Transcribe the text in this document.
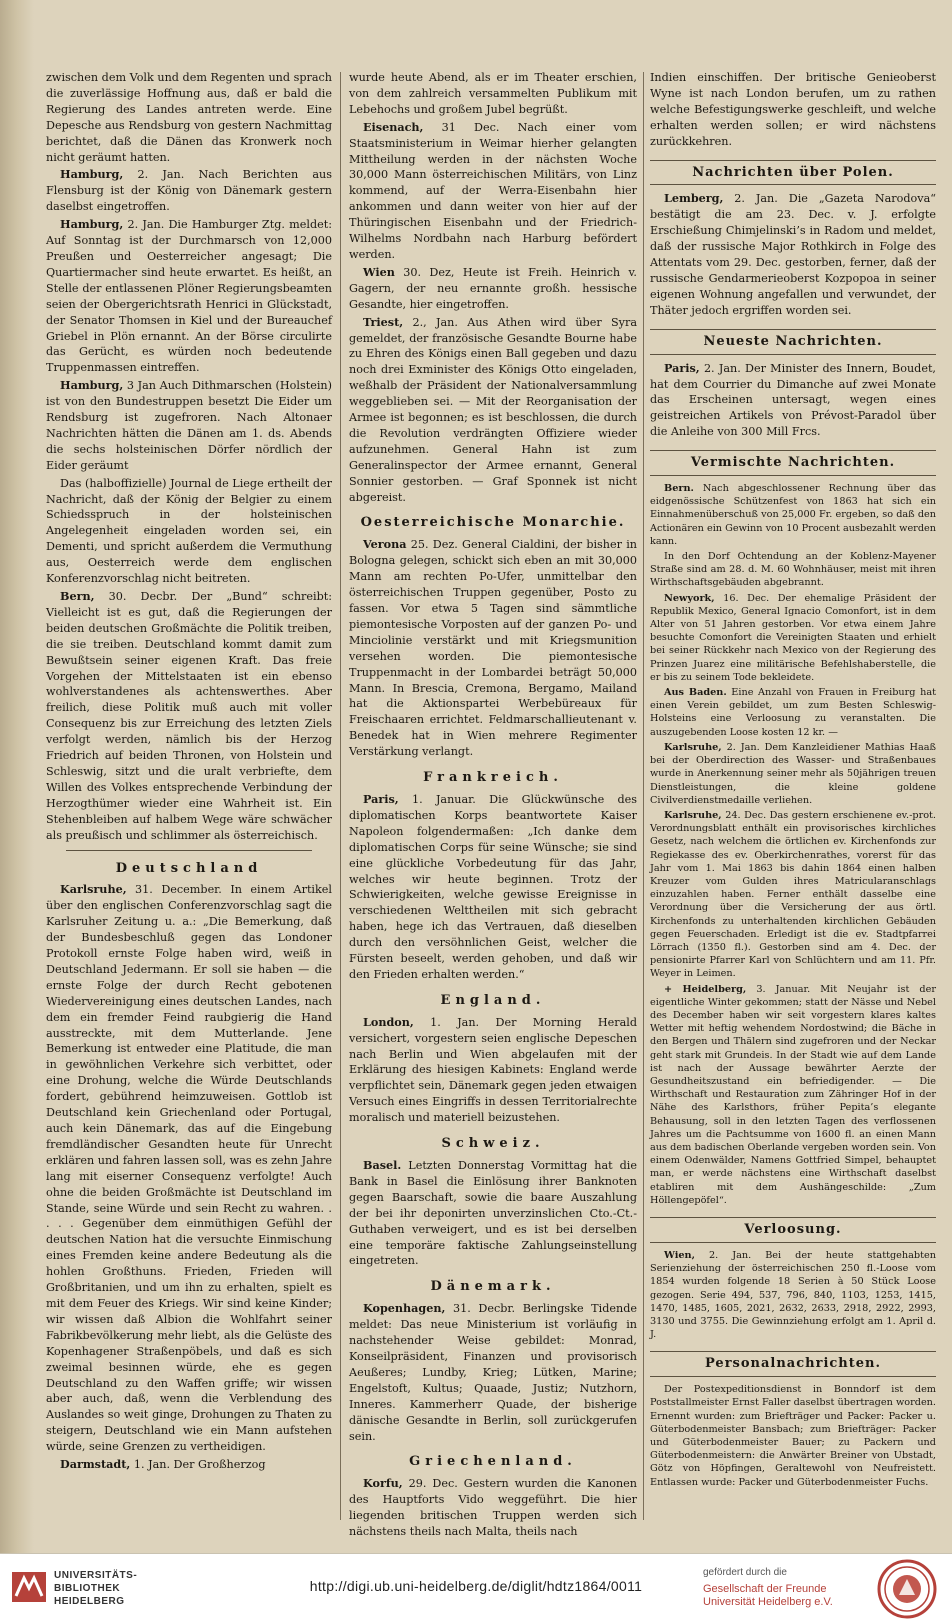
zwischen dem Volk und dem Regenten und sprach die zuverlässige Hoffnung aus, daß er bald die Regierung des Landes antreten werde. Eine Depesche aus Rendsburg von gestern Nachmittag berichtet, daß die Dänen das Kronwerk noch nicht geräumt hatten.

Hamburg, 2. Jan. Nach Berichten aus Flensburg ist der König von Dänemark gestern daselbst eingetroffen.

Hamburg, 2. Jan. Die Hamburger Ztg. meldet: Auf Sonntag ist der Durchmarsch von 12,000 Preußen und Oesterreicher angesagt; Die Quartiermacher sind heute erwartet. Es heißt, an Stelle der entlassenen Plöner Regierungsbeamten seien der Obergerichtsrath Henrici in Glückstadt, der Senator Thomsen in Kiel und der Bureauchef Griebel in Plön ernannt. An der Börse circulirte das Gerücht, es würden noch bedeutende Truppenmassen eintreffen.

Hamburg, 3 Jan Auch Dithmarschen (Holstein) ist von den Bundestruppen besetzt Die Eider um Rendsburg ist zugefroren. Nach Altonaer Nachrichten hätten die Dänen am 1. ds. Abends die sechs holsteinischen Dörfer nördlich der Eider geräumt

Das (halboffizielle) Journal de Liege ertheilt der Nachricht, daß der König der Belgier zu einem Schiedsspruch in der holsteinischen Angelegenheit eingeladen worden sei, ein Dementi, und spricht außerdem die Vermuthung aus, Oesterreich werde dem englischen Konferenzvorschlag nicht beitreten.

Bern, 30. Decbr. Der „Bund“ schreibt: Vielleicht ist es gut, daß die Regierungen der beiden deutschen Großmächte die Politik treiben, die sie treiben. Deutschland kommt damit zum Bewußtsein seiner eigenen Kraft. Das freie Vorgehen der Mittelstaaten ist ein ebenso wohlverstandenes als achtenswerthes. Aber freilich, diese Politik muß auch mit voller Consequenz bis zur Erreichung des letzten Ziels verfolgt werden, nämlich bis der Herzog Friedrich auf beiden Thronen, von Holstein und Schleswig, sitzt und die uralt verbriefte, dem Willen des Volkes entsprechende Verbindung der Herzogthümer wieder eine Wahrheit ist. Ein Stehenbleiben auf halbem Wege wäre schwächer als preußisch und schlimmer als österreichisch.

Deutschland

Karlsruhe, 31. December. In einem Artikel über den englischen Conferenzvorschlag sagt die Karlsruher Zeitung u. a.: „Die Bemerkung, daß der Bundesbeschluß gegen das Londoner Protokoll ernste Folge haben wird, weiß in Deutschland Jedermann. Er soll sie haben — die ernste Folge der durch Recht gebotenen Wiedervereinigung eines deutschen Landes, nach dem ein fremder Feind raubgierig die Hand ausstreckte, mit dem Mutterlande. Jene Bemerkung ist entweder eine Platitude, die man in gewöhnlichen Verkehre sich verbittet, oder eine Drohung, welche die Würde Deutschlands fordert, gebührend heimzuweisen. Gottlob ist Deutschland kein Griechenland oder Portugal, auch kein Dänemark, das auf die Eingebung fremdländischer Gesandten heute für Unrecht erklären und fahren lassen soll, was es zehn Jahre lang mit eiserner Consequenz verfolgte! Auch ohne die beiden Großmächte ist Deutschland im Stande, seine Würde und sein Recht zu wahren. . . . . Gegenüber dem einmüthigen Gefühl der deutschen Nation hat die versuchte Einmischung eines Fremden keine andere Bedeutung als die hohlen Großthuns. Frieden, Frieden will Großbritanien, und um ihn zu erhalten, spielt es mit dem Feuer des Kriegs. Wir sind keine Kinder; wir wissen daß Albion die Wohlfahrt seiner Fabrikbevölkerung mehr liebt, als die Gelüste des Kopenhagener Straßenpöbels, und daß es sich zweimal besinnen würde, ehe es gegen Deutschland zu den Waffen griffe; wir wissen aber auch, daß, wenn die Verblendung des Auslandes so weit ginge, Drohungen zu Thaten zu steigern, Deutschland wie ein Mann aufstehen würde, seine Grenzen zu vertheidigen.

Darmstadt, 1. Jan. Der Großherzog

wurde heute Abend, als er im Theater erschien, von dem zahlreich versammelten Publikum mit Lebehochs und großem Jubel begrüßt.

Eisenach, 31 Dec. Nach einer vom Staatsministerium in Weimar hierher gelangten Mittheilung werden in der nächsten Woche 30,000 Mann österreichischen Militärs, von Linz kommend, auf der Werra-Eisenbahn hier ankommen und dann weiter von hier auf der Thüringischen Eisenbahn und der Friedrich-Wilhelms Nordbahn nach Harburg befördert werden.

Wien 30. Dez, Heute ist Freih. Heinrich v. Gagern, der neu ernannte großh. hessische Gesandte, hier eingetroffen.

Triest, 2., Jan. Aus Athen wird über Syra gemeldet, der französische Gesandte Bourne habe zu Ehren des Königs einen Ball gegeben und dazu noch drei Exminister des Königs Otto eingeladen, weßhalb der Präsident der Nationalversammlung weggeblieben sei. — Mit der Reorganisation der Armee ist begonnen; es ist beschlossen, die durch die Revolution verdrängten Offiziere wieder aufzunehmen. General Hahn ist zum Generalinspector der Armee ernannt, General Sonnier gestorben. — Graf Sponnek ist nicht abgereist.

Oesterreichische Monarchie.

Verona 25. Dez. General Cialdini, der bisher in Bologna gelegen, schickt sich eben an mit 30,000 Mann am rechten Po-Ufer, unmittelbar den österreichischen Truppen gegenüber, Posto zu fassen. Vor etwa 5 Tagen sind sämmtliche piemontesische Vorposten auf der ganzen Po- und Minciolinie verstärkt und mit Kriegsmunition versehen worden. Die piemontesische Truppenmacht in der Lombardei beträgt 50,000 Mann. In Brescia, Cremona, Bergamo, Mailand hat die Aktionspartei Werbebüreaux für Freischaaren errichtet. Feldmarschallieutenant v. Benedek hat in Wien mehrere Regimenter Verstärkung verlangt.

Frankreich.

Paris, 1. Januar. Die Glückwünsche des diplomatischen Korps beantwortete Kaiser Napoleon folgendermaßen: „Ich danke dem diplomatischen Corps für seine Wünsche; sie sind eine glückliche Vorbedeutung für das Jahr, welches wir heute beginnen. Trotz der Schwierigkeiten, welche gewisse Ereignisse in verschiedenen Welttheilen mit sich gebracht haben, hege ich das Vertrauen, daß dieselben durch den versöhnlichen Geist, welcher die Fürsten beseelt, werden gehoben, und daß wir den Frieden erhalten werden.“

England.

London, 1. Jan. Der Morning Herald versichert, vorgestern seien englische Depeschen nach Berlin und Wien abgelaufen mit der Erklärung des hiesigen Kabinets: England werde verpflichtet sein, Dänemark gegen jeden etwaigen Versuch eines Eingriffs in dessen Territorialrechte moralisch und materiell beizustehen.

Schweiz.

Basel. Letzten Donnerstag Vormittag hat die Bank in Basel die Einlösung ihrer Banknoten gegen Baarschaft, sowie die baare Auszahlung der bei ihr deponirten unverzinslichen Cto.-Ct.-Guthaben verweigert, und es ist bei derselben eine temporäre faktische Zahlungseinstellung eingetreten.

Dänemark.

Kopenhagen, 31. Decbr. Berlingske Tidende meldet: Das neue Ministerium ist vorläufig in nachstehender Weise gebildet: Monrad, Konseilpräsident, Finanzen und provisorisch Aeußeres; Lundby, Krieg; Lütken, Marine; Engelstoft, Kultus; Quaade, Justiz; Nutzhorn, Inneres. Kammerherr Quade, der bisherige dänische Gesandte in Berlin, soll zurückgerufen sein.

Griechenland.

Korfu, 29. Dec. Gestern wurden die Kanonen des Hauptforts Vido weggeführt. Die hier liegenden britischen Truppen werden sich nächstens theils nach Malta, theils nach

Indien einschiffen. Der britische Genieoberst Wyne ist nach London berufen, um zu rathen welche Befestigungswerke geschleift, und welche erhalten werden sollen; er wird nächstens zurückkehren.

Nachrichten über Polen.

Lemberg, 2. Jan. Die „Gazeta Narodova“ bestätigt die am 23. Dec. v. J. erfolgte Erschießung Chimjelinski’s in Radom und meldet, daß der russische Major Rothkirch in Folge des Attentats vom 29. Dec. gestorben, ferner, daß der russische Gendarmerieoberst Kozpopoa in seiner eigenen Wohnung angefallen und verwundet, der Thäter jedoch ergriffen worden sei.

Neueste Nachrichten.

Paris, 2. Jan. Der Minister des Innern, Boudet, hat dem Courrier du Dimanche auf zwei Monate das Erscheinen untersagt, wegen eines geistreichen Artikels von Prévost-Paradol über die Anleihe von 300 Mill Frcs.

Vermischte Nachrichten.

Bern. Nach abgeschlossener Rechnung über das eidgenössische Schützenfest von 1863 hat sich ein Einnahmenüberschuß von 25,000 Fr. ergeben, so daß den Actionären ein Gewinn von 10 Procent ausbezahlt werden kann.

In den Dorf Ochtendung an der Koblenz-Mayener Straße sind am 28. d. M. 60 Wohnhäuser, meist mit ihren Wirthschaftsgebäuden abgebrannt.

Newyork, 16. Dec. Der ehemalige Präsident der Republik Mexico, General Ignacio Comonfort, ist in dem Alter von 51 Jahren gestorben. Vor etwa einem Jahre besuchte Comonfort die Vereinigten Staaten und erhielt bei seiner Rückkehr nach Mexico von der Regierung des Prinzen Juarez eine militärische Befehlshaberstelle, die er bis zu seinem Tode bekleidete.

Aus Baden. Eine Anzahl von Frauen in Freiburg hat einen Verein gebildet, um zum Besten Schleswig-Holsteins eine Verloosung zu veranstalten. Die auszugebenden Loose kosten 12 kr. —

Karlsruhe, 2. Jan. Dem Kanzleidiener Mathias Haaß bei der Oberdirection des Wasser- und Straßenbaues wurde in Anerkennung seiner mehr als 50jährigen treuen Dienstleistungen, die kleine goldene Civilverdienstmedaille verliehen.

Karlsruhe, 24. Dec. Das gestern erschienene ev.-prot. Verordnungsblatt enthält ein provisorisches kirchliches Gesetz, nach welchem die örtlichen ev. Kirchenfonds zur Regiekasse des ev. Oberkirchenrathes, vorerst für das Jahr vom 1. Mai 1863 bis dahin 1864 einen halben Kreuzer vom Gulden ihres Matricularanschlags einzuzahlen haben. Ferner enthält dasselbe eine Verordnung über die Versicherung der aus örtl. Kirchenfonds zu unterhaltenden kirchlichen Gebäuden gegen Feuerschaden. Erledigt ist die ev. Stadtpfarrei Lörrach (1350 fl.). Gestorben sind am 4. Dec. der pensionirte Pfarrer Karl von Schlüchtern und am 11. Pfr. Weyer in Leimen.

+ Heidelberg, 3. Januar. Mit Neujahr ist der eigentliche Winter gekommen; statt der Nässe und Nebel des December haben wir seit vorgestern klares kaltes Wetter mit heftig wehendem Nordostwind; die Bäche in den Bergen und Thälern sind zugefroren und der Neckar geht stark mit Grundeis. In der Stadt wie auf dem Lande ist nach der Aussage bewährter Aerzte der Gesundheitszustand ein befriedigender. — Die Wirthschaft und Restauration zum Zähringer Hof in der Nähe des Karlsthors, früher Pepita’s elegante Behausung, soll in den letzten Tagen des verflossenen Jahres um die Pachtsumme von 1600 fl. an einen Mann aus dem badischen Oberlande vergeben worden sein. Von einem Odenwälder, Namens Gottfried Simpel, behauptet man, er werde nächstens eine Wirthschaft daselbst etabliren mit dem Aushängeschilde: „Zum Höllengepöfel“.

Verloosung.

Wien, 2. Jan. Bei der heute stattgehabten Serienziehung der österreichischen 250 fl.-Loose vom 1854 wurden folgende 18 Serien à 50 Stück Loose gezogen. Serie 494, 537, 796, 840, 1103, 1253, 1415, 1470, 1485, 1605, 2021, 2632, 2633, 2918, 2922, 2993, 3130 und 3755. Die Gewinnziehung erfolgt am 1. April d. J.

Personalnachrichten.

Der Postexpeditionsdienst in Bonndorf ist dem Poststallmeister Ernst Faller daselbst übertragen worden. Ernennt wurden: zum Briefträger und Packer: Packer u. Güterbodenmeister Bansbach; zum Briefträger: Packer und Güterbodenmeister Bauer; zu Packern und Güterbodenmeistern: die Anwärter Breiner von Ubstadt, Götz von Höpfingen, Geraltewohl von Neufreistett. Entlassen wurde: Packer und Güterbodenmeister Fuchs.

UNIVERSITÄTS-
BIBLIOTHEK
HEIDELBERG
http://digi.ub.uni-heidelberg.de/diglit/hdtz1864/0011
gefördert durch die
Gesellschaft der Freunde
Universität Heidelberg e.V.
